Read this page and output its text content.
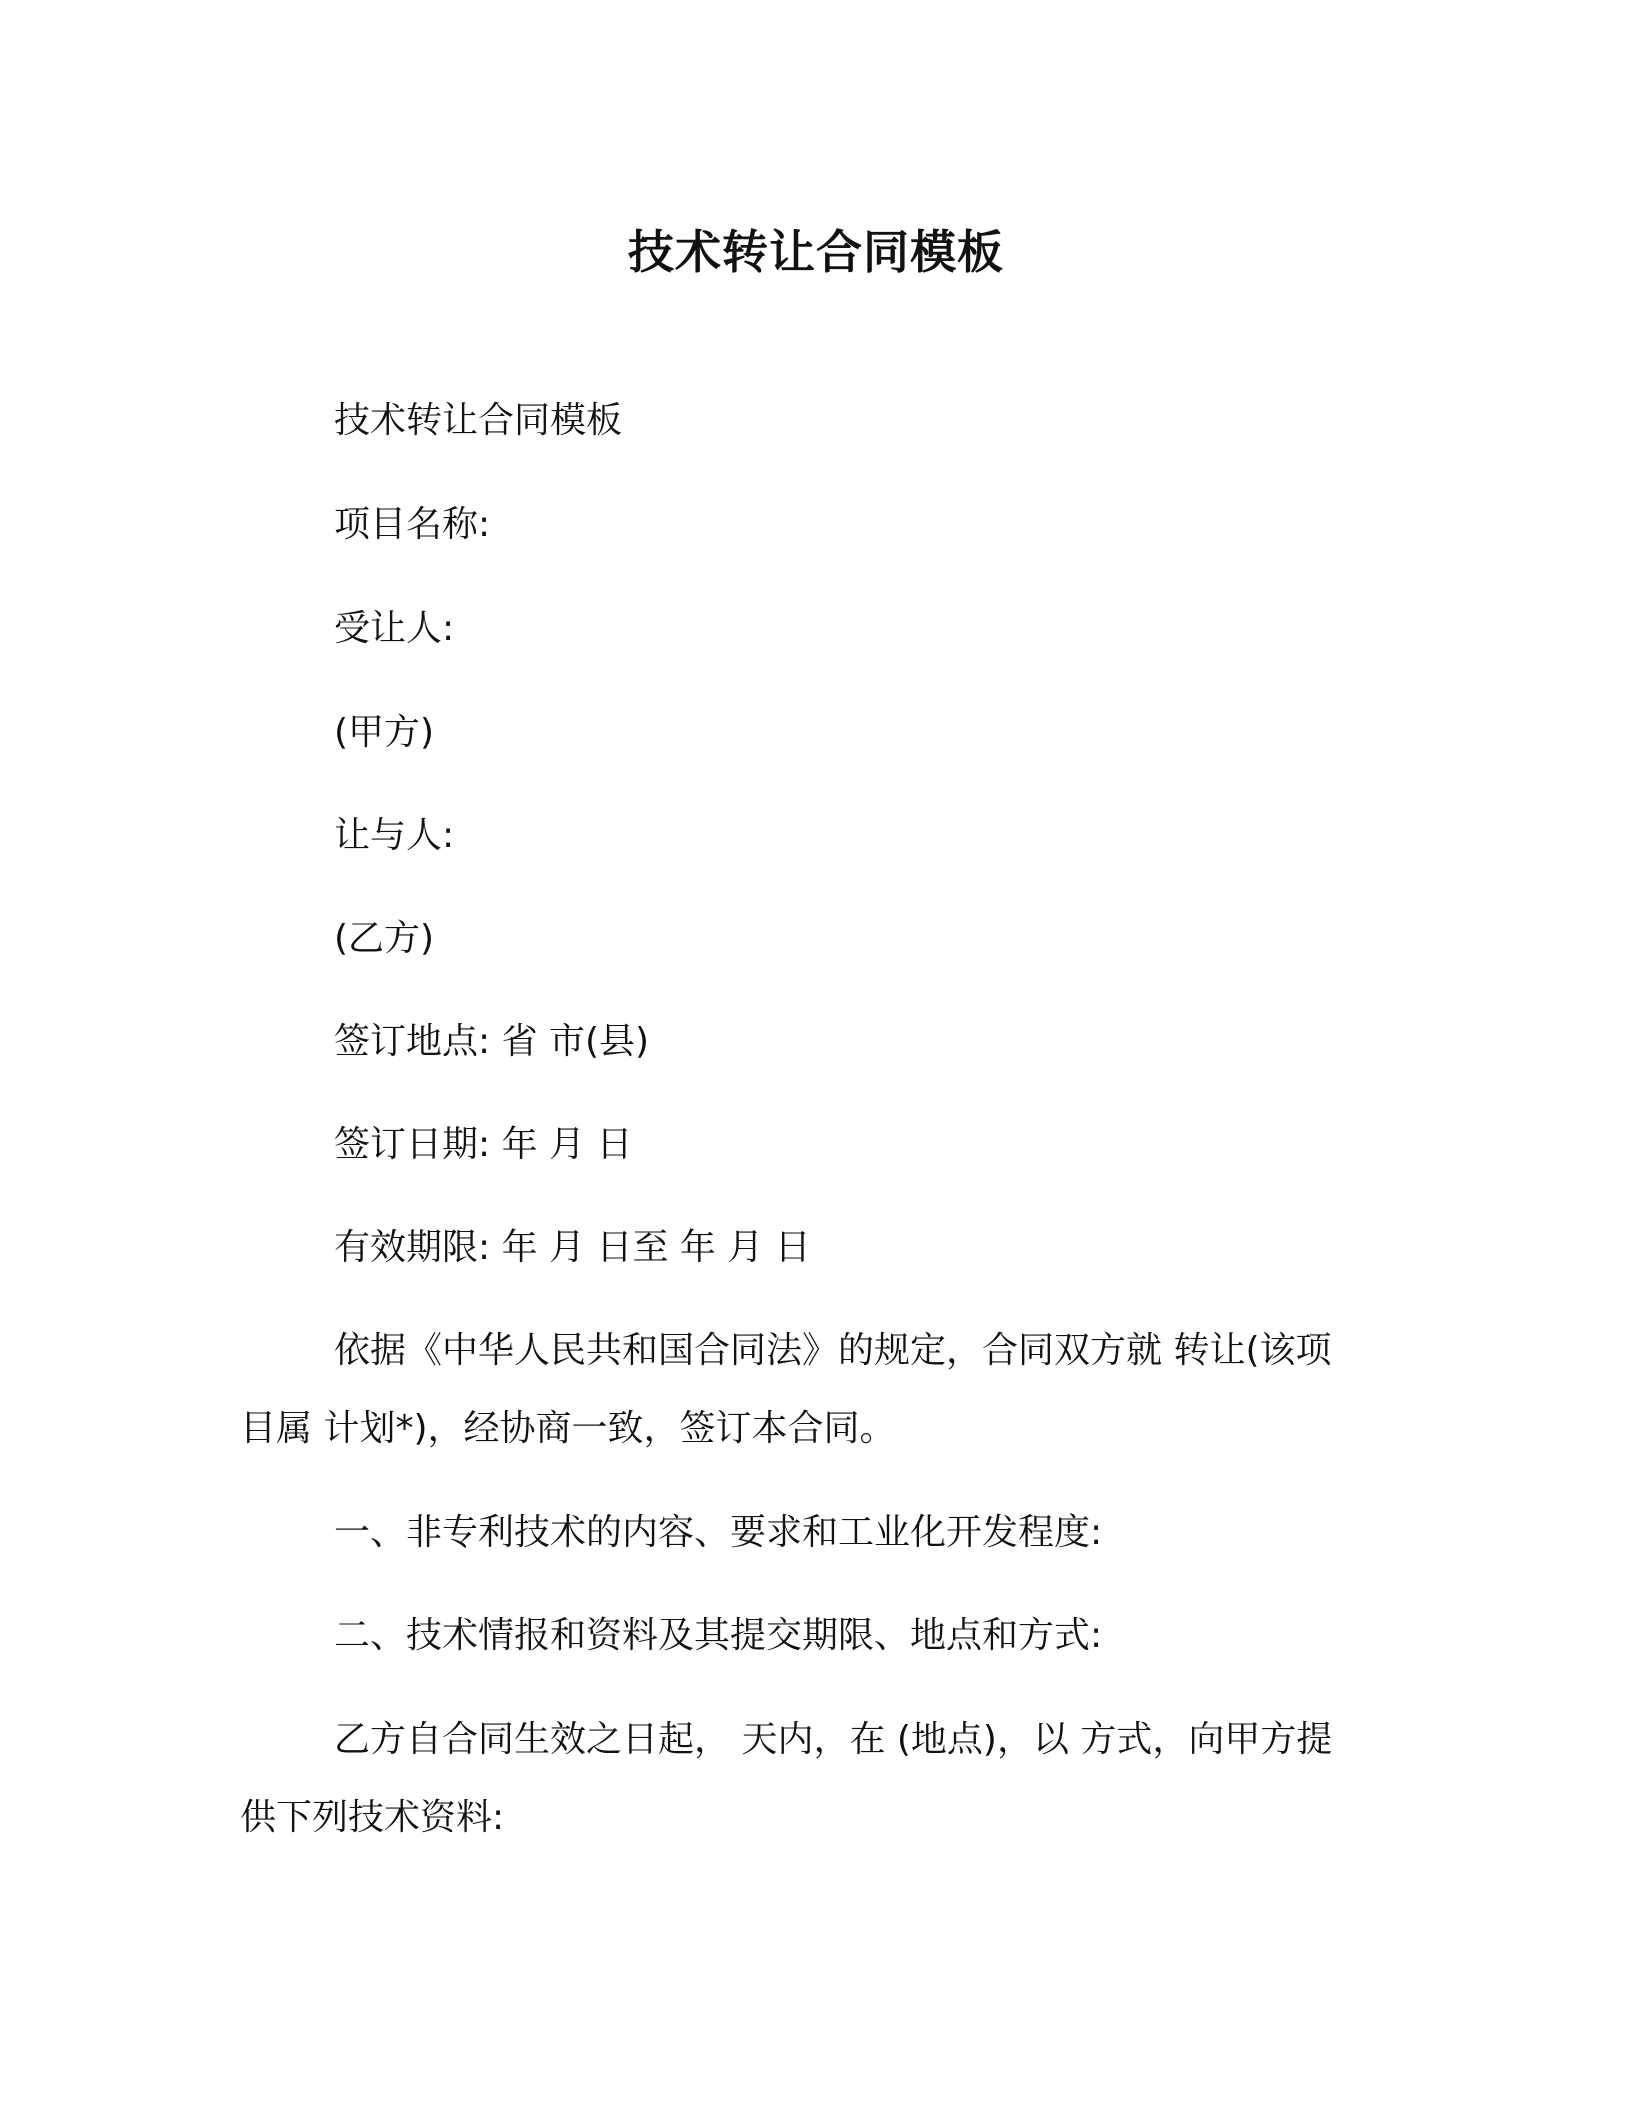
技术转让合同模板
技术转让合同模板
项目名称:
受让人:
(甲方)
让与人:
(乙方)
签订地点: 省 市(县)
签订日期: 年 月 日
有效期限: 年 月 日至 年 月 日
依据《中华人民共和国合同法》的规定，合同双方就 转让(该项目属 计划*)，经协商一致，签订本合同。
一、非专利技术的内容、要求和工业化开发程度:
二、技术情报和资料及其提交期限、地点和方式:
乙方自合同生效之日起， 天内，在 (地点)，以 方式，向甲方提供下列技术资料:
